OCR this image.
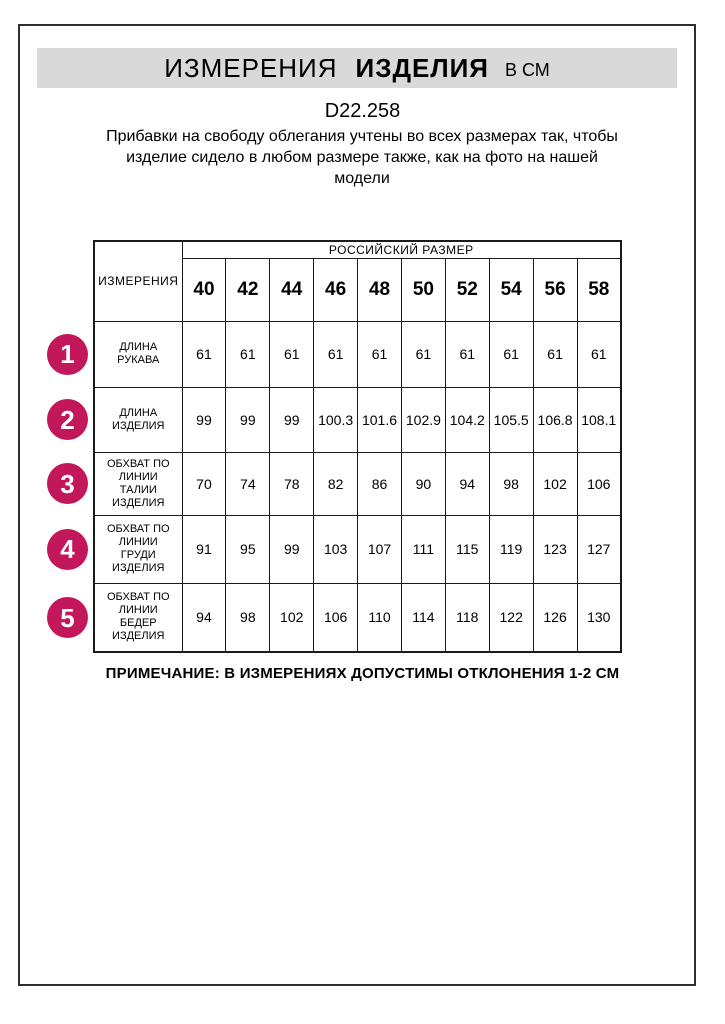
ИЗМЕРЕНИЯ ИЗДЕЛИЯ В СМ
D22.258
Прибавки на свободу облегания учтены во всех размерах так, чтобы
изделие сидело в любом размере также, как на фото на нашей
модели
ИЗМЕРЕНИЯ	РОССИЙСКИЙ РАЗМЕР									
	40	42	44	46	48	50	52	54	56	58
ДЛИНА РУКАВА	61	61	61	61	61	61	61	61	61	61
ДЛИНА ИЗДЕЛИЯ	99	99	99	100.3	101.6	102.9	104.2	105.5	106.8	108.1
ОБХВАТ ПО ЛИНИИ ТАЛИИ ИЗДЕЛИЯ	70	74	78	82	86	90	94	98	102	106
ОБХВАТ ПО ЛИНИИ ГРУДИ ИЗДЕЛИЯ	91	95	99	103	107	111	115	119	123	127
ОБХВАТ ПО ЛИНИИ БЕДЕР ИЗДЕЛИЯ	94	98	102	106	110	114	118	122	126	130
1
2
3
4
5
ПРИМЕЧАНИЕ: В ИЗМЕРЕНИЯХ ДОПУСТИМЫ ОТКЛОНЕНИЯ 1-2 СМ
